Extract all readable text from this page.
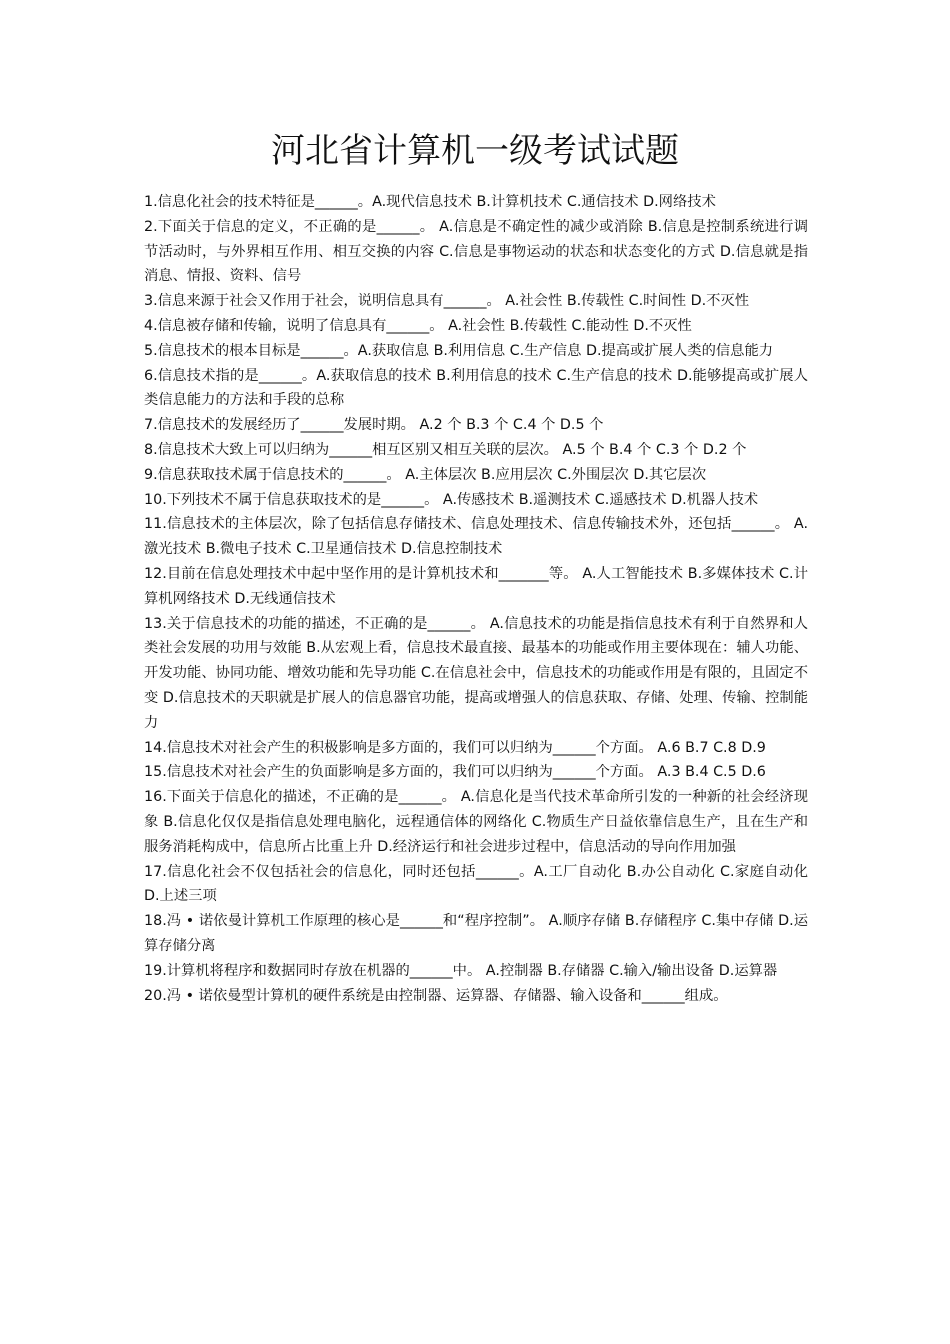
河北省计算机一级考试试题

1.信息化社会的技术特征是______。A.现代信息技术 B.计算机技术 C.通信技术 D.网络技术

2.下面关于信息的定义，不正确的是______。 A.信息是不确定性的减少或消除 B.信息是控制系统进行调节活动时，与外界相互作用、相互交换的内容 C.信息是事物运动的状态和状态变化的方式 D.信息就是指消息、情报、资料、信号

3.信息来源于社会又作用于社会，说明信息具有______。 A.社会性 B.传载性 C.时间性 D.不灭性

4.信息被存储和传输，说明了信息具有______。 A.社会性 B.传载性 C.能动性 D.不灭性

5.信息技术的根本目标是______。A.获取信息 B.利用信息 C.生产信息 D.提高或扩展人类的信息能力

6.信息技术指的是______。A.获取信息的技术 B.利用信息的技术 C.生产信息的技术 D.能够提高或扩展人类信息能力的方法和手段的总称

7.信息技术的发展经历了______发展时期。 A.2 个 B.3 个 C.4 个 D.5 个

8.信息技术大致上可以归纳为______相互区别又相互关联的层次。 A.5 个 B.4 个 C.3 个 D.2 个

9.信息获取技术属于信息技术的______。 A.主体层次 B.应用层次 C.外围层次 D.其它层次

10.下列技术不属于信息获取技术的是______。 A.传感技术 B.遥测技术 C.遥感技术 D.机器人技术

11.信息技术的主体层次，除了包括信息存储技术、信息处理技术、信息传输技术外，还包括______。 A.激光技术 B.微电子技术 C.卫星通信技术 D.信息控制技术

12.目前在信息处理技术中起中坚作用的是计算机技术和_______等。 A.人工智能技术 B.多媒体技术 C.计算机网络技术 D.无线通信技术

13.关于信息技术的功能的描述，不正确的是______。 A.信息技术的功能是指信息技术有利于自然界和人类社会发展的功用与效能 B.从宏观上看，信息技术最直接、最基本的功能或作用主要体现在：辅人功能、开发功能、协同功能、增效功能和先导功能 C.在信息社会中，信息技术的功能或作用是有限的，且固定不变 D.信息技术的天职就是扩展人的信息器官功能，提高或增强人的信息获取、存储、处理、传输、控制能力

14.信息技术对社会产生的积极影响是多方面的，我们可以归纳为______个方面。 A.6 B.7 C.8 D.9

15.信息技术对社会产生的负面影响是多方面的，我们可以归纳为______个方面。 A.3 B.4 C.5 D.6

16.下面关于信息化的描述，不正确的是______。 A.信息化是当代技术革命所引发的一种新的社会经济现象 B.信息化仅仅是指信息处理电脑化，远程通信体的网络化 C.物质生产日益依靠信息生产，且在生产和服务消耗构成中，信息所占比重上升 D.经济运行和社会进步过程中，信息活动的导向作用加强

17.信息化社会不仅包括社会的信息化，同时还包括______。A.工厂自动化 B.办公自动化 C.家庭自动化 D.上述三项

18.冯 • 诺依曼计算机工作原理的核心是______和“程序控制”。 A.顺序存储 B.存储程序 C.集中存储 D.运算存储分离

19.计算机将程序和数据同时存放在机器的______中。 A.控制器 B.存储器 C.输入/输出设备 D.运算器

20.冯 • 诺依曼型计算机的硬件系统是由控制器、运算器、存储器、输入设备和______组成。
